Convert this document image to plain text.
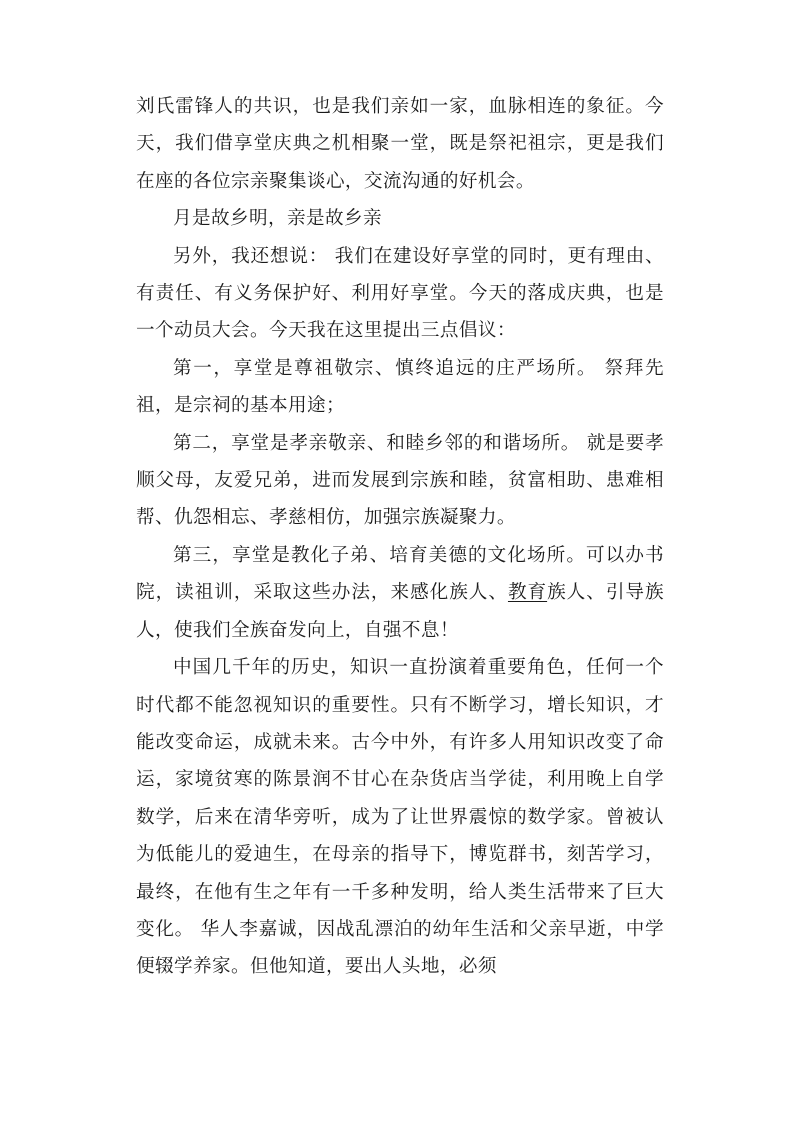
刘氏雷锋人的共识，也是我们亲如一家，血脉相连的象征。今天，我们借享堂庆典之机相聚一堂，既是祭祀祖宗，更是我们在座的各位宗亲聚集谈心，交流沟通的好机会。

月是故乡明，亲是故乡亲

另外，我还想说： 我们在建设好享堂的同时，更有理由、有责任、有义务保护好、利用好享堂。今天的落成庆典，也是一个动员大会。今天我在这里提出三点倡议：

第一，享堂是尊祖敬宗、慎终追远的庄严场所。 祭拜先祖，是宗祠的基本用途；

第二，享堂是孝亲敬亲、和睦乡邻的和谐场所。 就是要孝顺父母，友爱兄弟，进而发展到宗族和睦，贫富相助、患难相帮、仇怨相忘、孝慈相仿，加强宗族凝聚力。

第三，享堂是教化子弟、培育美德的文化场所。可以办书院，读祖训，采取这些办法，来感化族人、教育族人、引导族人，使我们全族奋发向上，自强不息！

中国几千年的历史，知识一直扮演着重要角色，任何一个时代都不能忽视知识的重要性。只有不断学习，增长知识，才能改变命运，成就未来。古今中外，有许多人用知识改变了命运，家境贫寒的陈景润不甘心在杂货店当学徒，利用晚上自学数学，后来在清华旁听，成为了让世界震惊的数学家。曾被认为低能儿的爱迪生，在母亲的指导下，博览群书，刻苦学习，最终，在他有生之年有一千多种发明，给人类生活带来了巨大变化。 华人李嘉诚，因战乱漂泊的幼年生活和父亲早逝，中学便辍学养家。但他知道，要出人头地，必须
